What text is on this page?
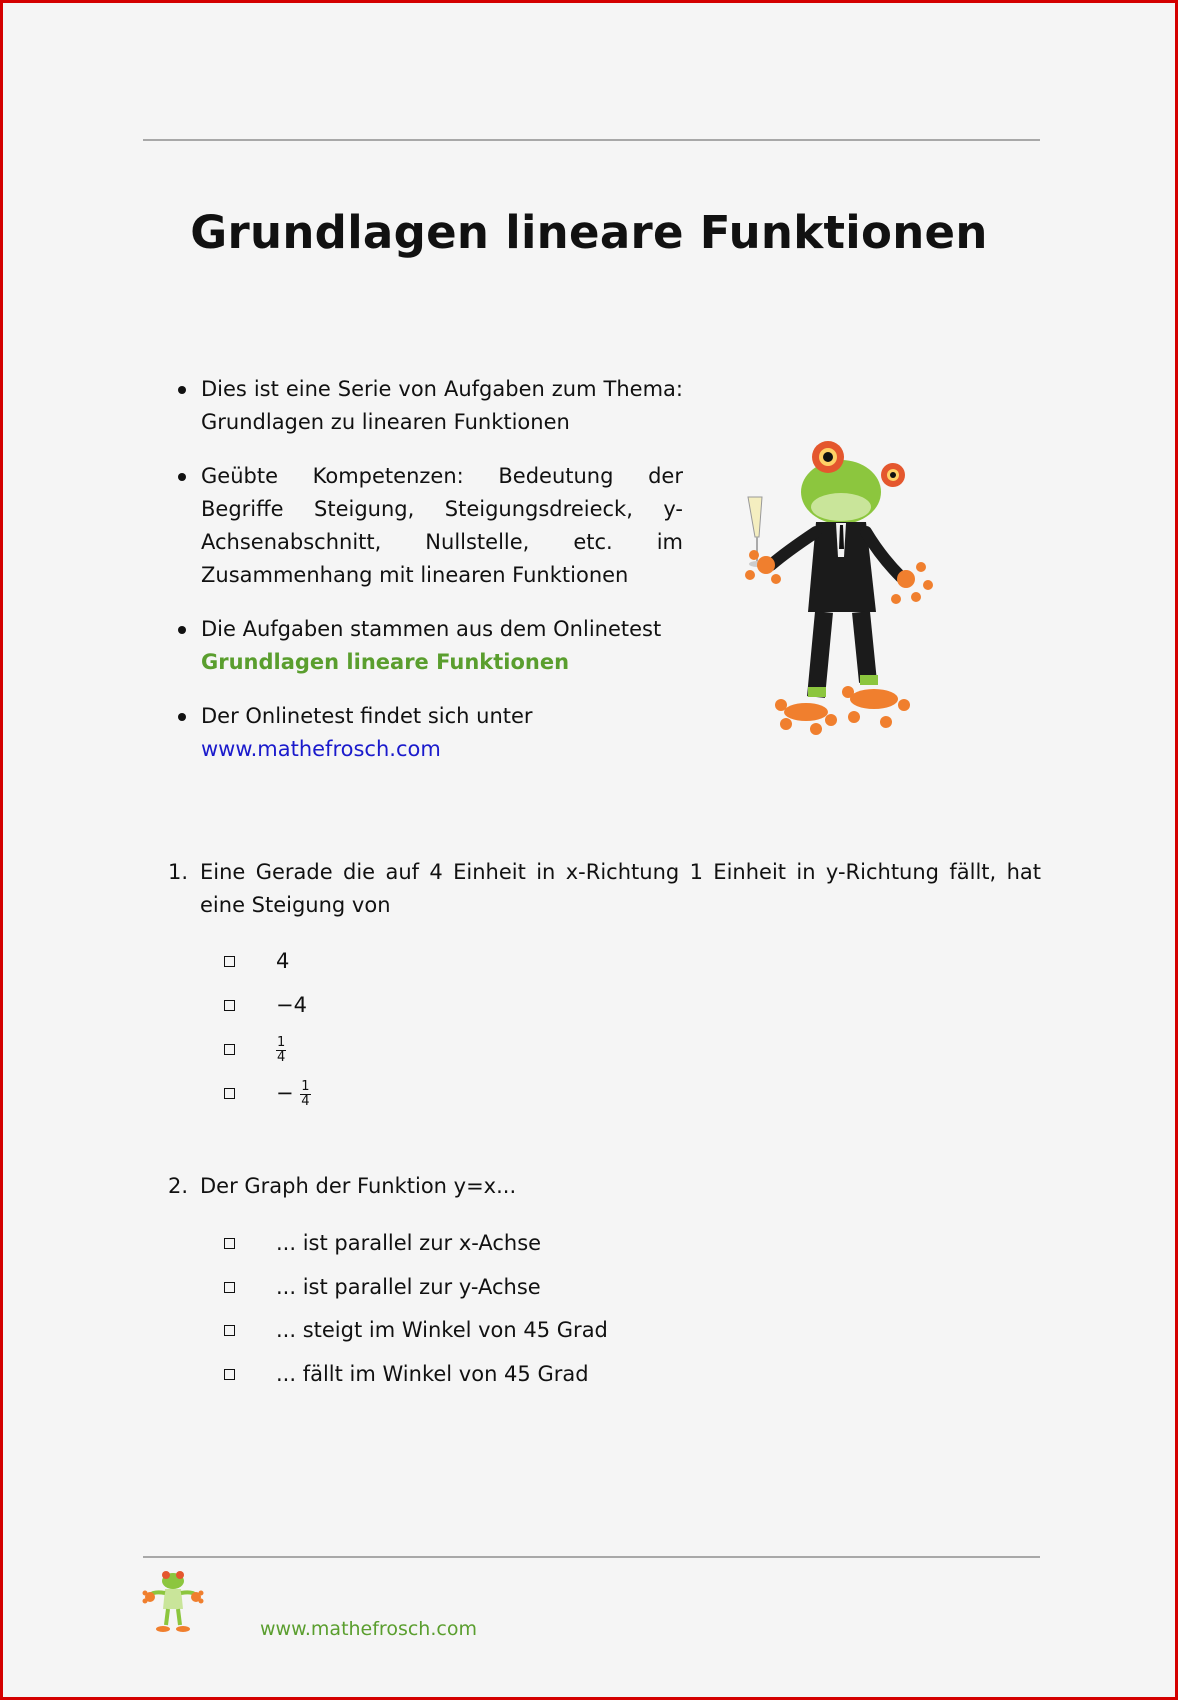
Grundlagen lineare Funktionen
Dies ist eine Serie von Aufgaben zum Thema: Grundlagen zu linearen Funktionen
Geübte Kompetenzen: Bedeutung der Begriffe Steigung, Steigungsdreieck, y-Achsenabschnitt, Nullstelle, etc. im Zusammenhang mit linearen Funktionen
Die Aufgaben stammen aus dem Onlinetest
Grundlagen lineare Funktionen
Der Onlinetest findet sich unter
www.mathefrosch.com
1. Eine Gerade die auf 4 Einheit in x-Richtung 1 Einheit in y-Richtung fällt, hat eine Steigung von
4
−4
$\frac{1}{4}$
− $\frac{1}{4}$
2. Der Graph der Funktion y=x...
... ist parallel zur x-Achse
... ist parallel zur y-Achse
... steigt im Winkel von 45 Grad
... fällt im Winkel von 45 Grad
www.mathefrosch.com
